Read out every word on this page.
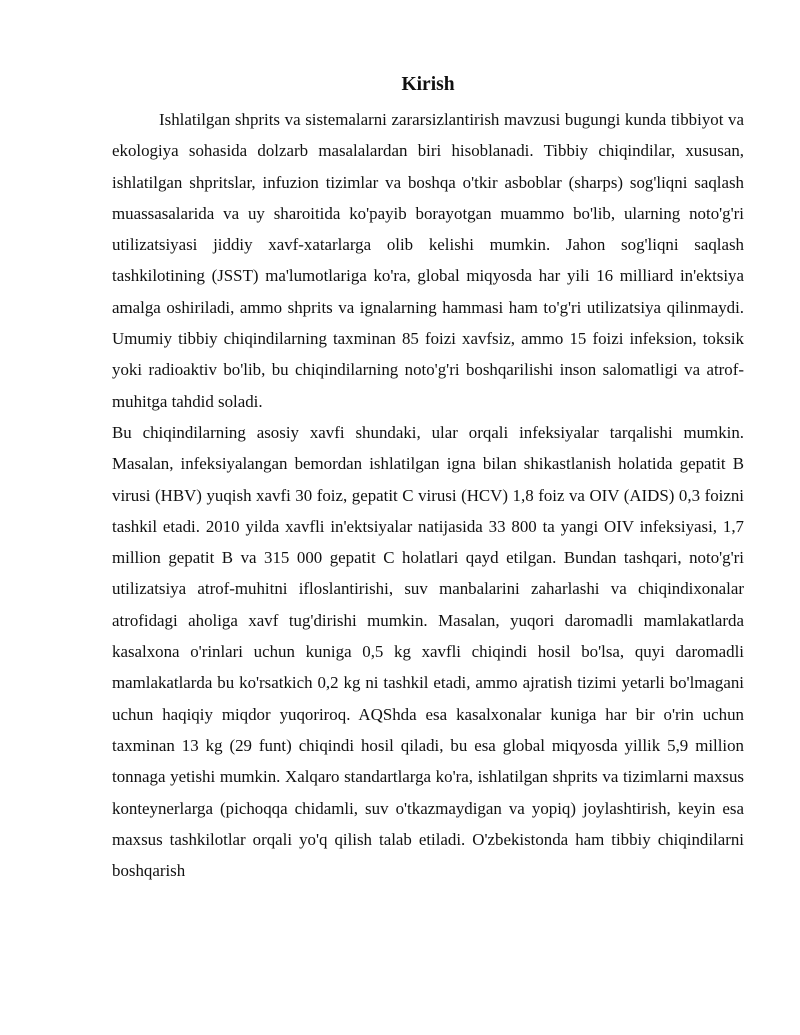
Kirish

Ishlatilgan shprits va sistemalarni zararsizlantirish mavzusi bugungi kunda tibbiyot va ekologiya sohasida dolzarb masalalardan biri hisoblanadi. Tibbiy chiqindilar, xususan, ishlatilgan shpritslar, infuzion tizimlar va boshqa o'tkir asboblar (sharps) sog'liqni saqlash muassasalarida va uy sharoitida ko'payib borayotgan muammo bo'lib, ularning noto'g'ri utilizatsiyasi jiddiy xavf-xatarlarga olib kelishi mumkin. Jahon sog'liqni saqlash tashkilotining (JSST) ma'lumotlariga ko'ra, global miqyosda har yili 16 milliard in'ektsiya amalga oshiriladi, ammo shprits va ignalarning hammasi ham to'g'ri utilizatsiya qilinmaydi. Umumiy tibbiy chiqindilarning taxminan 85 foizi xavfsiz, ammo 15 foizi infeksion, toksik yoki radioaktiv bo'lib, bu chiqindilarning noto'g'ri boshqarilishi inson salomatligi va atrof-muhitga tahdid soladi.

Bu chiqindilarning asosiy xavfi shundaki, ular orqali infeksiyalar tarqalishi mumkin. Masalan, infeksiyalangan bemordan ishlatilgan igna bilan shikastlanish holatida gepatit B virusi (HBV) yuqish xavfi 30 foiz, gepatit C virusi (HCV) 1,8 foiz va OIV (AIDS) 0,3 foizni tashkil etadi. 2010 yilda xavfli in'ektsiyalar natijasida 33 800 ta yangi OIV infeksiyasi, 1,7 million gepatit B va 315 000 gepatit C holatlari qayd etilgan. Bundan tashqari, noto'g'ri utilizatsiya atrof-muhitni ifloslantirishi, suv manbalarini zaharlashi va chiqindixonalar atrofidagi aholiga xavf tug'dirishi mumkin. Masalan, yuqori daromadli mamlakatlarda kasalxona o'rinlari uchun kuniga 0,5 kg xavfli chiqindi hosil bo'lsa, quyi daromadli mamlakatlarda bu ko'rsatkich 0,2 kg ni tashkil etadi, ammo ajratish tizimi yetarli bo'lmagani uchun haqiqiy miqdor yuqoriroq. AQShda esa kasalxonalar kuniga har bir o'rin uchun taxminan 13 kg (29 funt) chiqindi hosil qiladi, bu esa global miqyosda yillik 5,9 million tonnaga yetishi mumkin. Xalqaro standartlarga ko'ra, ishlatilgan shprits va tizimlarni maxsus konteynerlarga (pichoqqa chidamli, suv o'tkazmaydigan va yopiq) joylashtirish, keyin esa maxsus tashkilotlar orqali yo'q qilish talab etiladi. O'zbekistonda ham tibbiy chiqindilarni boshqarish
